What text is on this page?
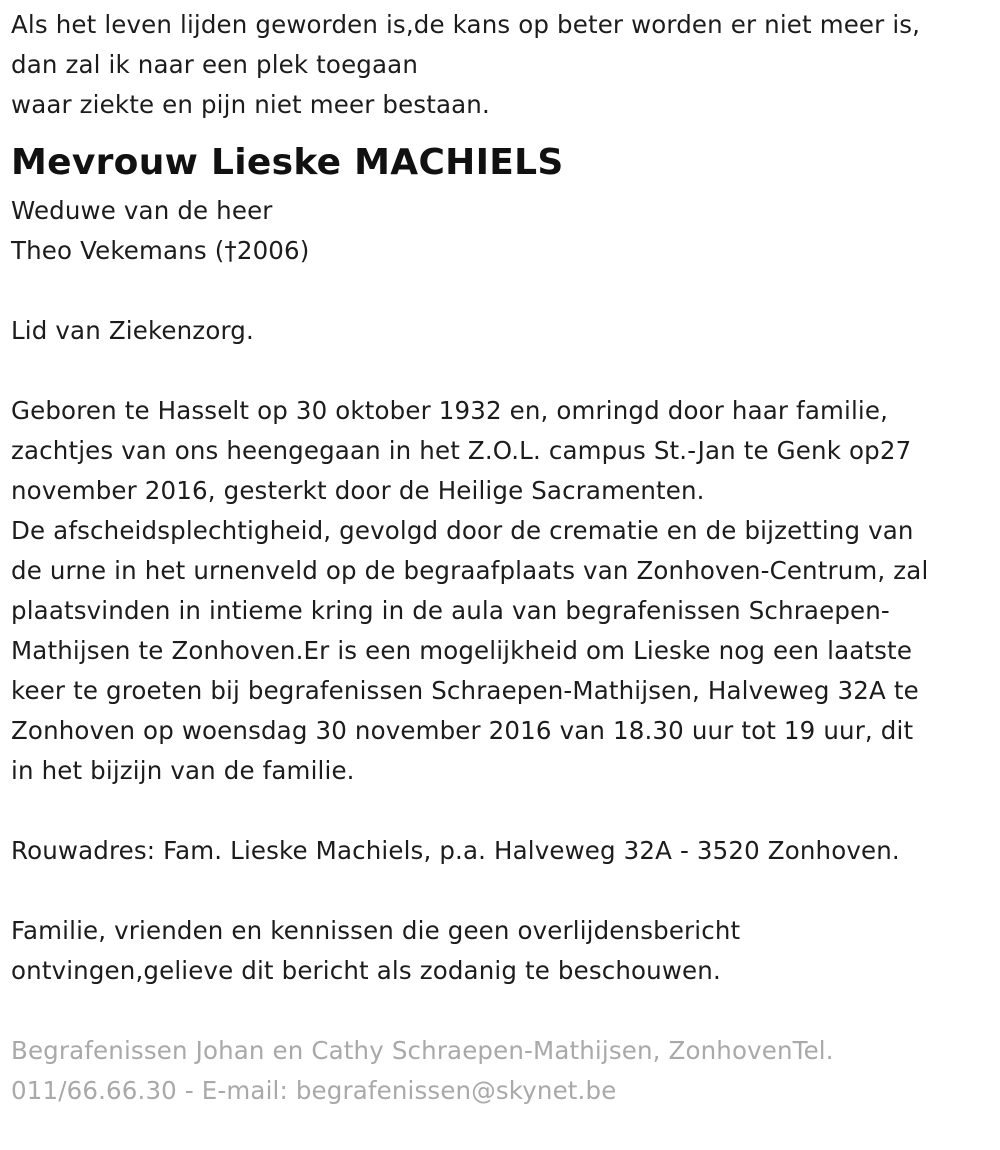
Als het leven lijden geworden is,de kans op beter worden er niet meer is,
dan zal ik naar een plek toegaan
waar ziekte en pijn niet meer bestaan.
Mevrouw Lieske MACHIELS
Weduwe van de heer
Theo Vekemans (†2006)
Lid van Ziekenzorg.
Geboren te Hasselt op 30 oktober 1932 en, omringd door haar familie,
zachtjes van ons heengegaan in het Z.O.L. campus St.-Jan te Genk op27
november 2016, gesterkt door de Heilige Sacramenten.
De afscheidsplechtigheid, gevolgd door de crematie en de bijzetting van
de urne in het urnenveld op de begraafplaats van Zonhoven-Centrum, zal
plaatsvinden in intieme kring in de aula van begrafenissen Schraepen-
Mathijsen te Zonhoven.Er is een mogelijkheid om Lieske nog een laatste
keer te groeten bij begrafenissen Schraepen-Mathijsen, Halveweg 32A te
Zonhoven op woensdag 30 november 2016 van 18.30 uur tot 19 uur, dit
in het bijzijn van de familie.
Rouwadres: Fam. Lieske Machiels, p.a. Halveweg 32A - 3520 Zonhoven.
Familie, vrienden en kennissen die geen overlijdensbericht
ontvingen,gelieve dit bericht als zodanig te beschouwen.
Begrafenissen Johan en Cathy Schraepen-Mathijsen, ZonhovenTel.
011/66.66.30 - E-mail: begrafenissen@skynet.be
